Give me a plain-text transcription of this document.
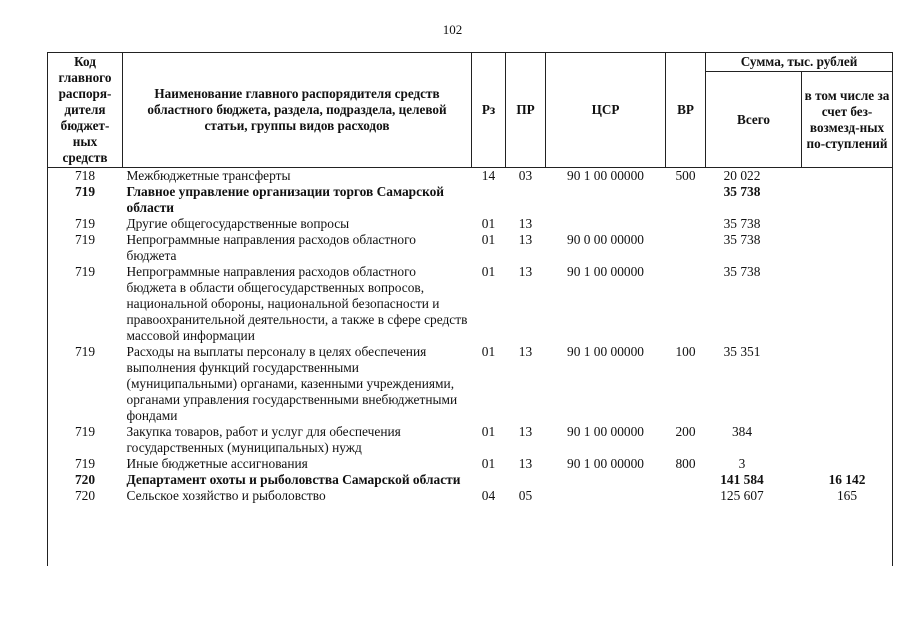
102
Код главного распоря-дителя бюджет-ных средств	Наименование главного распорядителя средств областного бюджета, раздела, подраздела, целевой статьи, группы видов расходов	Рз	ПР	ЦСР	ВР	Сумма, тыс. рублей	
						Всего	в том числе за счет без-возмезд-ных по-ступлений
718	Межбюджетные трансферты	14	03	90 1 00 00000	500	20 022	
719	Главное управление организации торгов Самарской области					35 738	
719	Другие общегосударственные вопросы	01	13			35 738	
719	Непрограммные направления расходов областного бюджета	01	13	90 0 00 00000		35 738	
719	Непрограммные направления расходов областного бюджета в области общегосударственных вопросов, национальной обороны, национальной безопасности и правоохранительной деятельности, а также в сфере средств массовой информации	01	13	90 1 00 00000		35 738	
719	Расходы на выплаты персоналу в целях обеспечения выполнения функций государственными (муниципальными) органами, казенными учреждениями, органами управления государственными внебюджетными фондами	01	13	90 1 00 00000	100	35 351	
719	Закупка товаров, работ и услуг для обеспечения государственных (муниципальных) нужд	01	13	90 1 00 00000	200	384	
719	Иные бюджетные ассигнования	01	13	90 1 00 00000	800	3	
720	Департамент охоты и рыболовства Самарской области					141 584	16 142
720	Сельское хозяйство и рыболовство	04	05			125 607	165
